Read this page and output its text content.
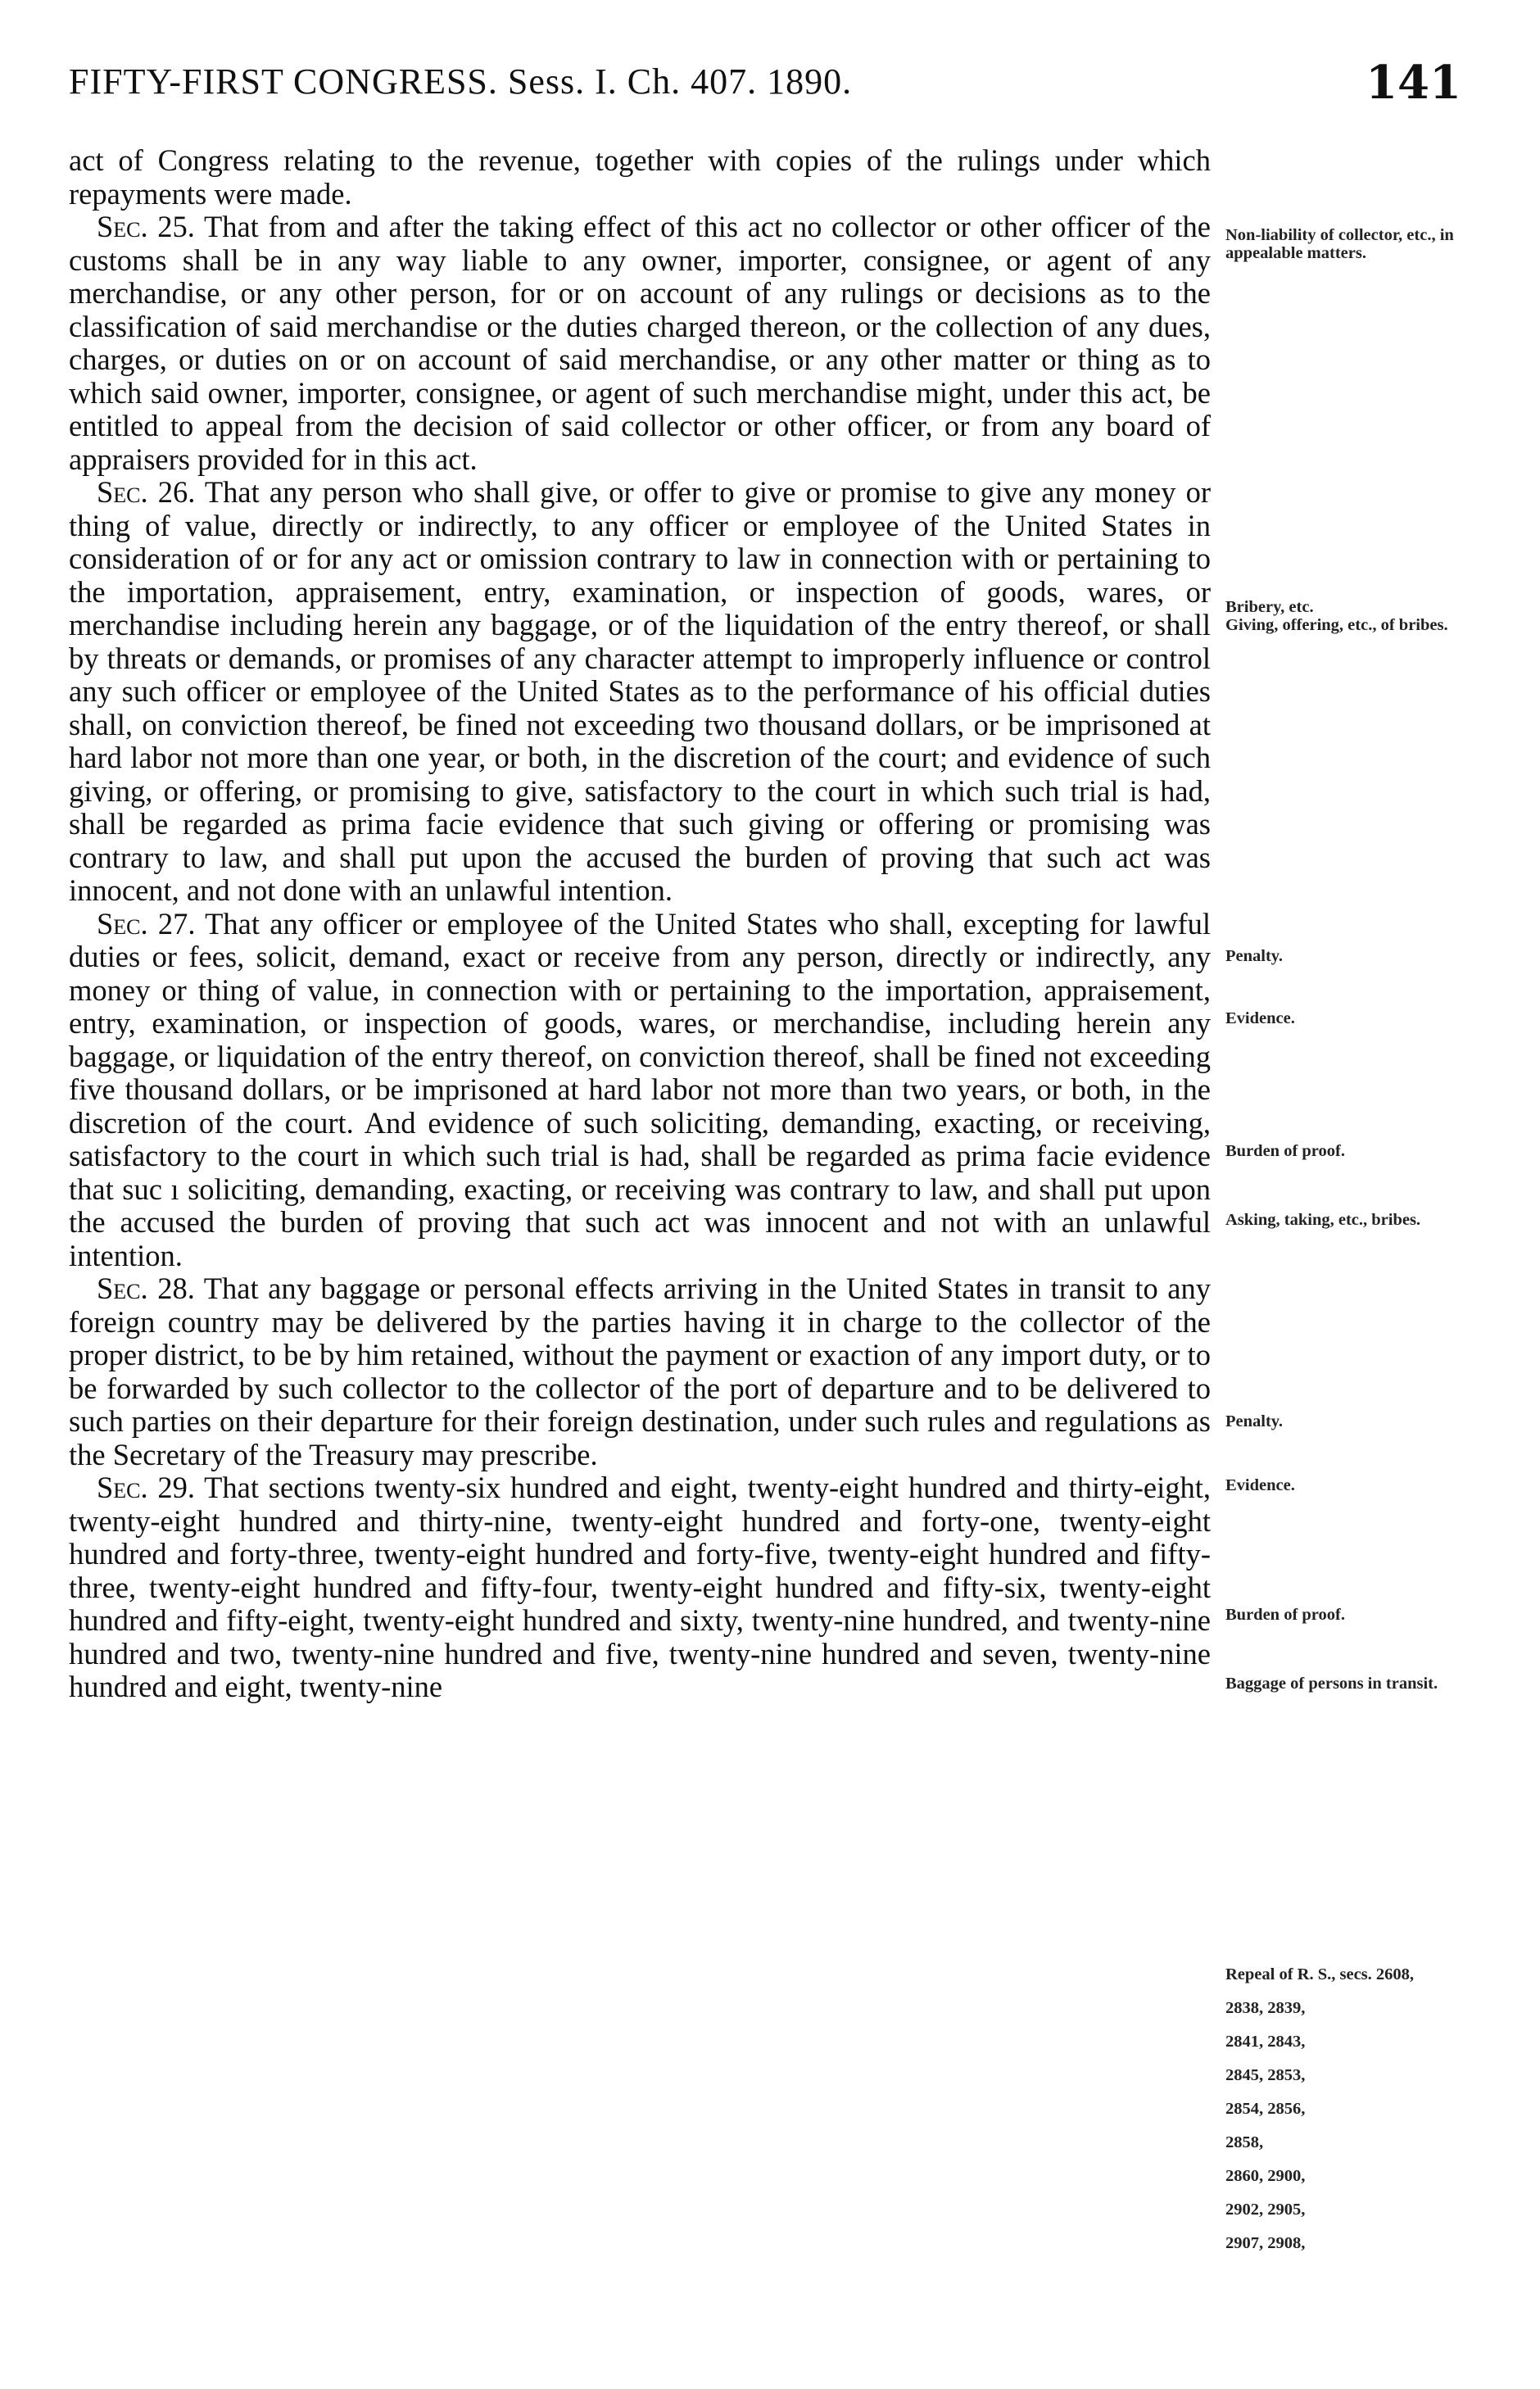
FIFTY-FIRST CONGRESS. Sess. I. Ch. 407. 1890.	141

act of Congress relating to the revenue, together with copies of the rulings under which repayments were made.

Sec. 25. That from and after the taking effect of this act no collector or other officer of the customs shall be in any way liable to any owner, importer, consignee, or agent of any merchandise, or any other person, for or on account of any rulings or decisions as to the classification of said merchandise or the duties charged thereon, or the collection of any dues, charges, or duties on or on account of said merchandise, or any other matter or thing as to which said owner, importer, consignee, or agent of such merchandise might, under this act, be entitled to appeal from the decision of said collector or other officer, or from any board of appraisers provided for in this act.

Sec. 26. That any person who shall give, or offer to give or promise to give any money or thing of value, directly or indirectly, to any officer or employee of the United States in consideration of or for any act or omission contrary to law in connection with or pertaining to the importation, appraisement, entry, examination, or inspection of goods, wares, or merchandise including herein any baggage, or of the liquidation of the entry thereof, or shall by threats or demands, or promises of any character attempt to improperly influence or control any such officer or employee of the United States as to the performance of his official duties shall, on conviction thereof, be fined not exceeding two thousand dollars, or be imprisoned at hard labor not more than one year, or both, in the discretion of the court; and evidence of such giving, or offering, or promising to give, satisfactory to the court in which such trial is had, shall be regarded as prima facie evidence that such giving or offering or promising was contrary to law, and shall put upon the accused the burden of proving that such act was innocent, and not done with an unlawful intention.

Sec. 27. That any officer or employee of the United States who shall, excepting for lawful duties or fees, solicit, demand, exact or receive from any person, directly or indirectly, any money or thing of value, in connection with or pertaining to the importation, appraisement, entry, examination, or inspection of goods, wares, or merchandise, including herein any baggage, or liquidation of the entry thereof, on conviction thereof, shall be fined not exceeding five thousand dollars, or be imprisoned at hard labor not more than two years, or both, in the discretion of the court. And evidence of such soliciting, demanding, exacting, or receiving, satisfactory to the court in which such trial is had, shall be regarded as prima facie evidence that suc ı soliciting, demanding, exacting, or receiving was contrary to law, and shall put upon the accused the burden of proving that such act was innocent and not with an unlawful intention.

Sec. 28. That any baggage or personal effects arriving in the United States in transit to any foreign country may be delivered by the parties having it in charge to the collector of the proper district, to be by him retained, without the payment or exaction of any import duty, or to be forwarded by such collector to the collector of the port of departure and to be delivered to such parties on their departure for their foreign destination, under such rules and regulations as the Secretary of the Treasury may prescribe.

Sec. 29. That sections twenty-six hundred and eight, twenty-eight hundred and thirty-eight, twenty-eight hundred and thirty-nine, twenty-eight hundred and forty-one, twenty-eight hundred and forty-three, twenty-eight hundred and forty-five, twenty-eight hundred and fifty-three, twenty-eight hundred and fifty-four, twenty-eight hundred and fifty-six, twenty-eight hundred and fifty-eight, twenty-eight hundred and sixty, twenty-nine hundred, and twenty-nine hundred and two, twenty-nine hundred and five, twenty-nine hundred and seven, twenty-nine hundred and eight, twenty-nine

Non-liability of collector, etc., in appealable matters.
Bribery, etc.
Giving, offering, etc., of bribes.
Penalty.
Evidence.
Burden of proof.
Asking, taking, etc., bribes.
Penalty.
Evidence.
Burden of proof.
Baggage of persons in transit.
Repeal of R. S., secs. 2608,
2838, 2839,
2841, 2843,
2845, 2853,
2854, 2856,
2858,
2860, 2900,
2902, 2905,
2907, 2908,
